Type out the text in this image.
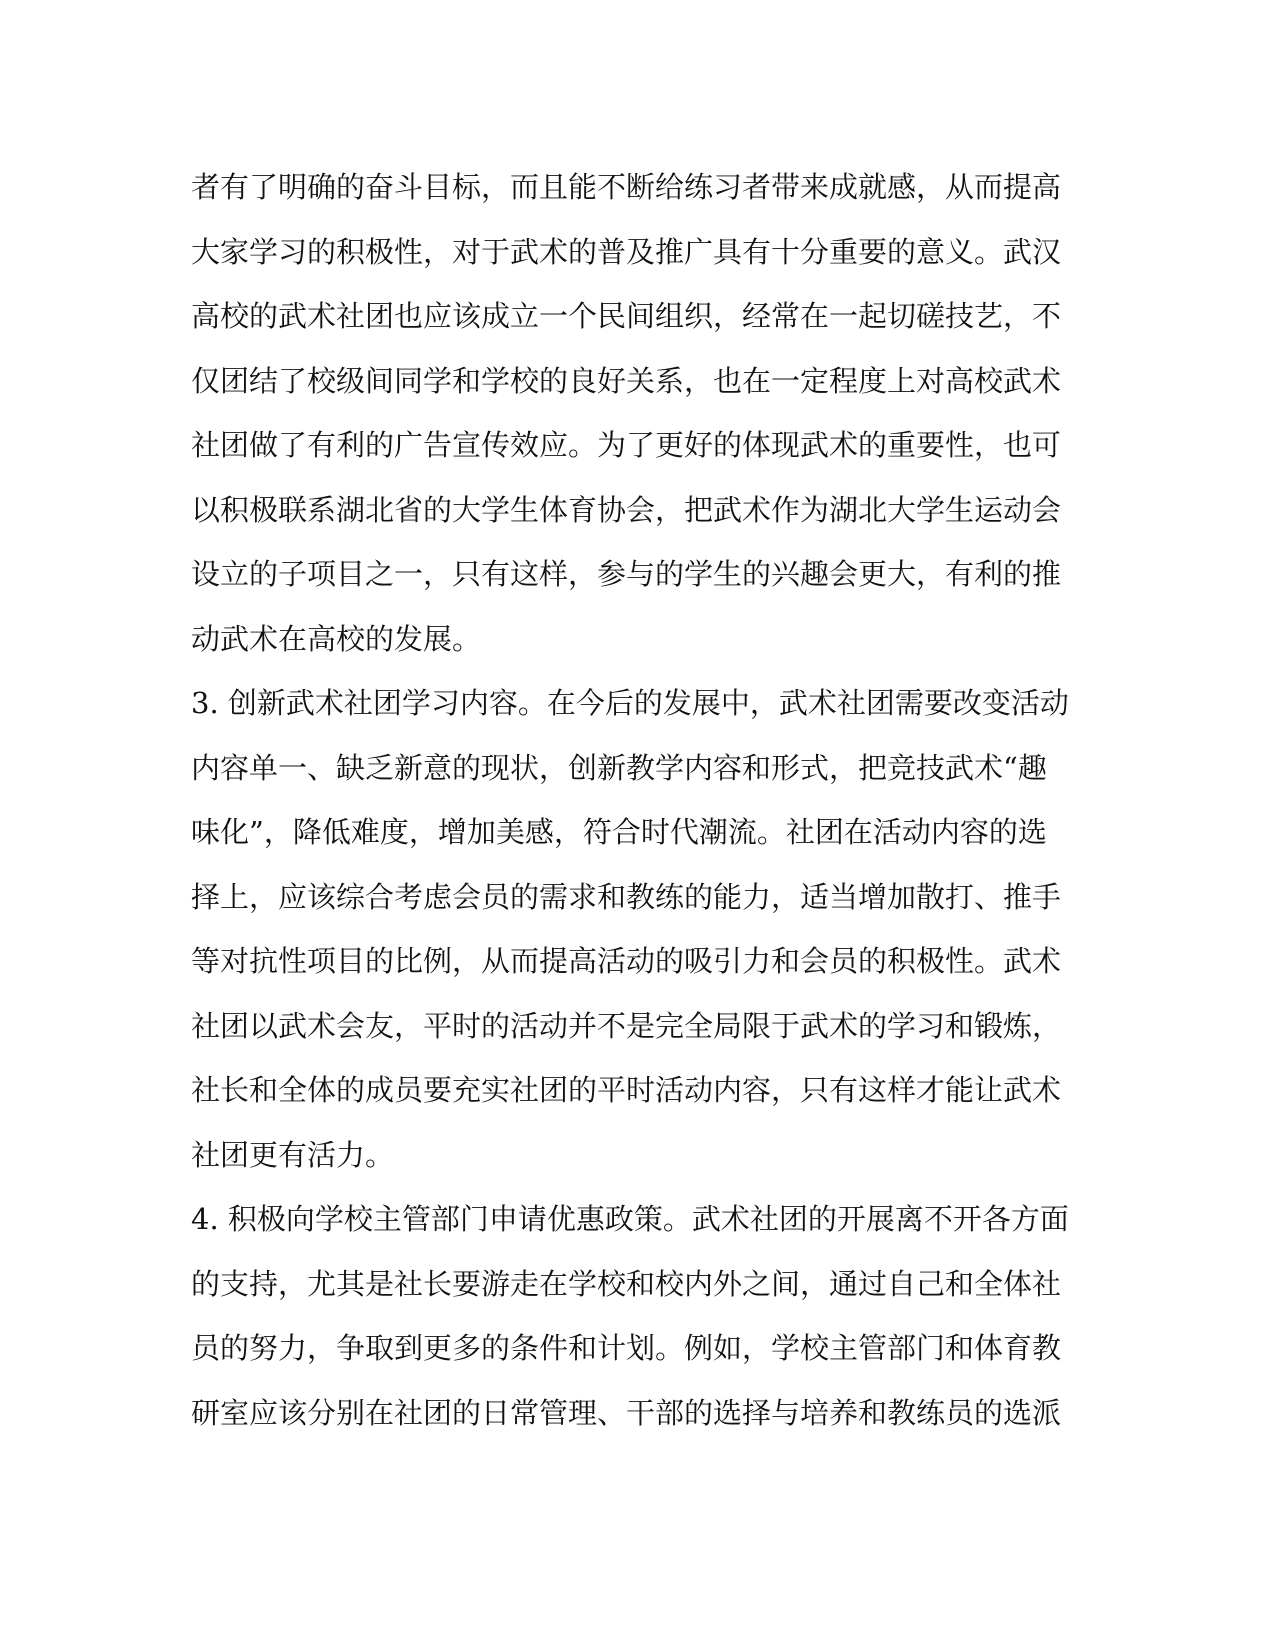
者有了明确的奋斗目标，而且能不断给练习者带来成就感，从而提高
大家学习的积极性，对于武术的普及推广具有十分重要的意义。武汉
高校的武术社团也应该成立一个民间组织，经常在一起切磋技艺，不
仅团结了校级间同学和学校的良好关系，也在一定程度上对高校武术
社团做了有利的广告宣传效应。为了更好的体现武术的重要性，也可
以积极联系湖北省的大学生体育协会，把武术作为湖北大学生运动会
设立的子项目之一，只有这样，参与的学生的兴趣会更大，有利的推
动武术在高校的发展。
3. 创新武术社团学习内容。在今后的发展中，武术社团需要改变活动
内容单一、缺乏新意的现状，创新教学内容和形式，把竞技武术“趣
味化”，降低难度，增加美感，符合时代潮流。社团在活动内容的选
择上，应该综合考虑会员的需求和教练的能力，适当增加散打、推手
等对抗性项目的比例，从而提高活动的吸引力和会员的积极性。武术
社团以武术会友，平时的活动并不是完全局限于武术的学习和锻炼，
社长和全体的成员要充实社团的平时活动内容，只有这样才能让武术
社团更有活力。
4. 积极向学校主管部门申请优惠政策。武术社团的开展离不开各方面
的支持，尤其是社长要游走在学校和校内外之间，通过自己和全体社
员的努力，争取到更多的条件和计划。例如，学校主管部门和体育教
研室应该分别在社团的日常管理、干部的选择与培养和教练员的选派
